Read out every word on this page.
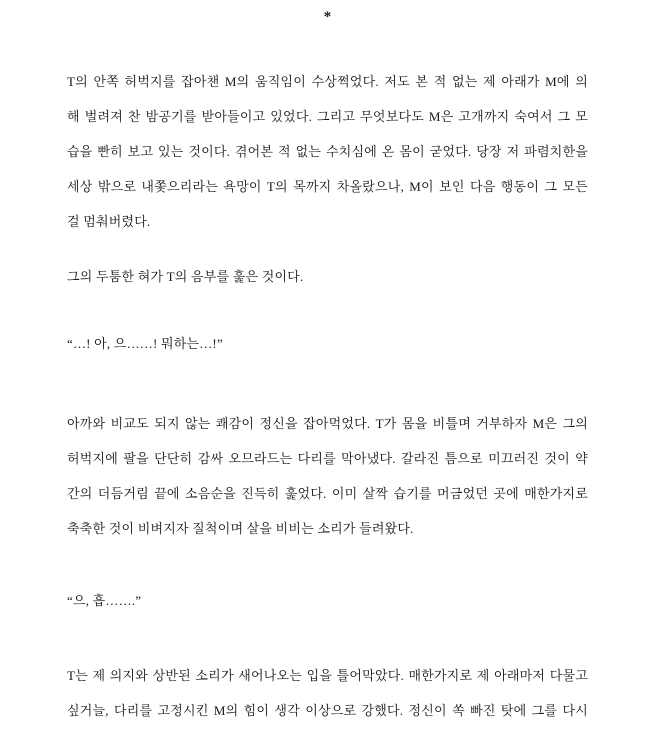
*
T의 안쪽 허벅지를 잡아챈 M의 움직임이 수상쩍었다. 저도 본 적 없는 제 아래가 M에 의
해 벌려져 찬 밤공기를 받아들이고 있었다. 그리고 무엇보다도 M은 고개까지 숙여서 그 모
습을 빤히 보고 있는 것이다. 겪어본 적 없는 수치심에 온 몸이 굳었다. 당장 저 파렴치한을
세상 밖으로 내쫓으리라는 욕망이 T의 목까지 차올랐으나, M이 보인 다음 행동이 그 모든
걸 멈춰버렸다.
그의 두툼한 혀가 T의 음부를 훑은 것이다.
“…! 아, 으……! 뭐하는…!”
아까와 비교도 되지 않는 쾌감이 정신을 잡아먹었다. T가 몸을 비틀며 거부하자 M은 그의
허벅지에 팔을 단단히 감싸 오므라드는 다리를 막아냈다. 갈라진 틈으로 미끄러진 것이 약
간의 더듬거림 끝에 소음순을 진득히 훑었다. 이미 살짝 습기를 머금었던 곳에 매한가지로
축축한 것이 비벼지자 질척이며 살을 비비는 소리가 들려왔다.
“으, 흡…….”
T는 제 의지와 상반된 소리가 새어나오는 입을 틀어막았다. 매한가지로 제 아래마저 다물고
싶거늘, 다리를 고정시킨 M의 힘이 생각 이상으로 강했다. 정신이 쏙 빠진 탓에 그를 다시
